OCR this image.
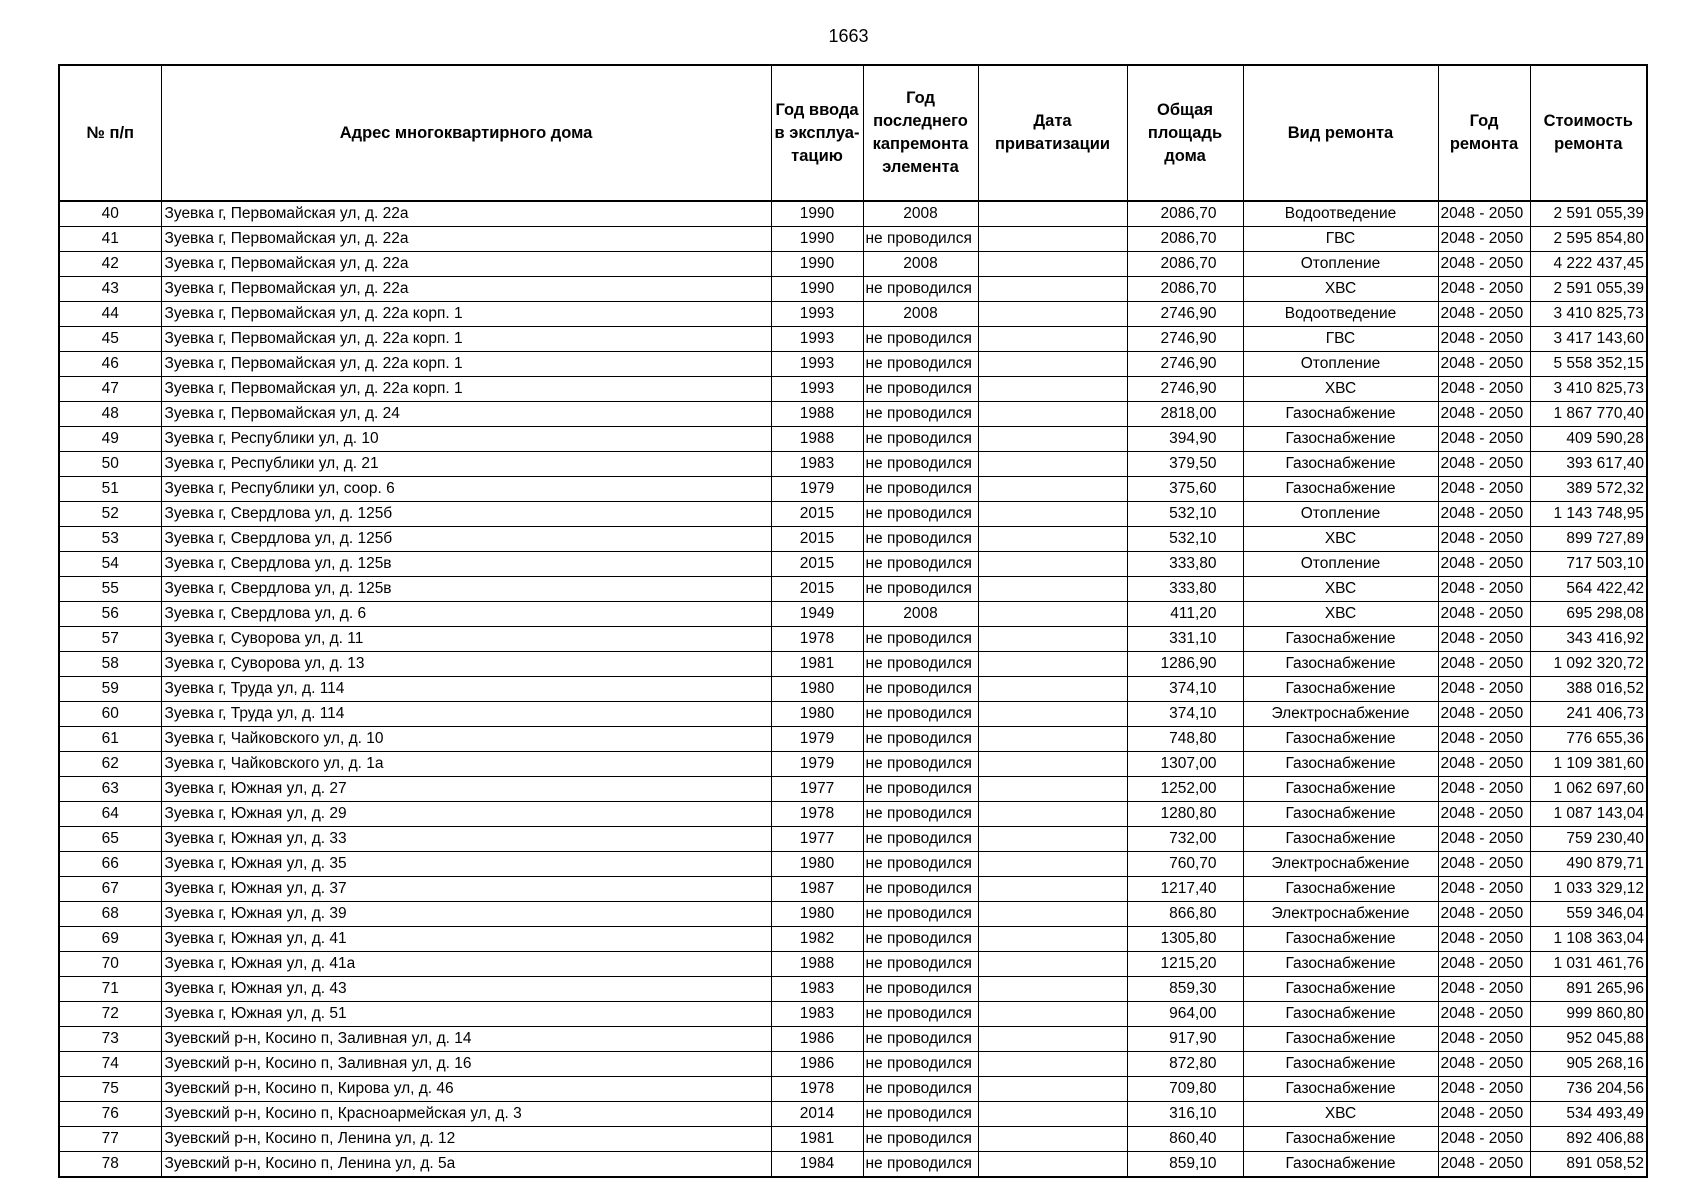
1663
№ п/п	Адрес многоквартирного дома	Год ввода в эксплуа-тацию	Год последнего капремонта элемента	Дата приватизации	Общая площадь дома	Вид ремонта	Год ремонта	Стоимость ремонта
40	Зуевка г, Первомайская ул, д. 22а	1990	2008		2086,70	Водоотведение	2048 - 2050	2 591 055,39
41	Зуевка г, Первомайская ул, д. 22а	1990	не проводился		2086,70	ГВС	2048 - 2050	2 595 854,80
42	Зуевка г, Первомайская ул, д. 22а	1990	2008		2086,70	Отопление	2048 - 2050	4 222 437,45
43	Зуевка г, Первомайская ул, д. 22а	1990	не проводился		2086,70	ХВС	2048 - 2050	2 591 055,39
44	Зуевка г, Первомайская ул, д. 22а корп. 1	1993	2008		2746,90	Водоотведение	2048 - 2050	3 410 825,73
45	Зуевка г, Первомайская ул, д. 22а корп. 1	1993	не проводился		2746,90	ГВС	2048 - 2050	3 417 143,60
46	Зуевка г, Первомайская ул, д. 22а корп. 1	1993	не проводился		2746,90	Отопление	2048 - 2050	5 558 352,15
47	Зуевка г, Первомайская ул, д. 22а корп. 1	1993	не проводился		2746,90	ХВС	2048 - 2050	3 410 825,73
48	Зуевка г, Первомайская ул, д. 24	1988	не проводился		2818,00	Газоснабжение	2048 - 2050	1 867 770,40
49	Зуевка г, Республики ул, д. 10	1988	не проводился		394,90	Газоснабжение	2048 - 2050	409 590,28
50	Зуевка г, Республики ул, д. 21	1983	не проводился		379,50	Газоснабжение	2048 - 2050	393 617,40
51	Зуевка г, Республики ул, соор. 6	1979	не проводился		375,60	Газоснабжение	2048 - 2050	389 572,32
52	Зуевка г, Свердлова ул, д. 125б	2015	не проводился		532,10	Отопление	2048 - 2050	1 143 748,95
53	Зуевка г, Свердлова ул, д. 125б	2015	не проводился		532,10	ХВС	2048 - 2050	899 727,89
54	Зуевка г, Свердлова ул, д. 125в	2015	не проводился		333,80	Отопление	2048 - 2050	717 503,10
55	Зуевка г, Свердлова ул, д. 125в	2015	не проводился		333,80	ХВС	2048 - 2050	564 422,42
56	Зуевка г, Свердлова ул, д. 6	1949	2008		411,20	ХВС	2048 - 2050	695 298,08
57	Зуевка г, Суворова ул, д. 11	1978	не проводился		331,10	Газоснабжение	2048 - 2050	343 416,92
58	Зуевка г, Суворова ул, д. 13	1981	не проводился		1286,90	Газоснабжение	2048 - 2050	1 092 320,72
59	Зуевка г, Труда ул, д. 114	1980	не проводился		374,10	Газоснабжение	2048 - 2050	388 016,52
60	Зуевка г, Труда ул, д. 114	1980	не проводился		374,10	Электроснабжение	2048 - 2050	241 406,73
61	Зуевка г, Чайковского ул, д. 10	1979	не проводился		748,80	Газоснабжение	2048 - 2050	776 655,36
62	Зуевка г, Чайковского ул, д. 1а	1979	не проводился		1307,00	Газоснабжение	2048 - 2050	1 109 381,60
63	Зуевка г, Южная ул, д. 27	1977	не проводился		1252,00	Газоснабжение	2048 - 2050	1 062 697,60
64	Зуевка г, Южная ул, д. 29	1978	не проводился		1280,80	Газоснабжение	2048 - 2050	1 087 143,04
65	Зуевка г, Южная ул, д. 33	1977	не проводился		732,00	Газоснабжение	2048 - 2050	759 230,40
66	Зуевка г, Южная ул, д. 35	1980	не проводился		760,70	Электроснабжение	2048 - 2050	490 879,71
67	Зуевка г, Южная ул, д. 37	1987	не проводился		1217,40	Газоснабжение	2048 - 2050	1 033 329,12
68	Зуевка г, Южная ул, д. 39	1980	не проводился		866,80	Электроснабжение	2048 - 2050	559 346,04
69	Зуевка г, Южная ул, д. 41	1982	не проводился		1305,80	Газоснабжение	2048 - 2050	1 108 363,04
70	Зуевка г, Южная ул, д. 41а	1988	не проводился		1215,20	Газоснабжение	2048 - 2050	1 031 461,76
71	Зуевка г, Южная ул, д. 43	1983	не проводился		859,30	Газоснабжение	2048 - 2050	891 265,96
72	Зуевка г, Южная ул, д. 51	1983	не проводился		964,00	Газоснабжение	2048 - 2050	999 860,80
73	Зуевский р-н, Косино п, Заливная ул, д. 14	1986	не проводился		917,90	Газоснабжение	2048 - 2050	952 045,88
74	Зуевский р-н, Косино п, Заливная ул, д. 16	1986	не проводился		872,80	Газоснабжение	2048 - 2050	905 268,16
75	Зуевский р-н, Косино п, Кирова ул, д. 46	1978	не проводился		709,80	Газоснабжение	2048 - 2050	736 204,56
76	Зуевский р-н, Косино п, Красноармейская ул, д. 3	2014	не проводился		316,10	ХВС	2048 - 2050	534 493,49
77	Зуевский р-н, Косино п, Ленина ул, д. 12	1981	не проводился		860,40	Газоснабжение	2048 - 2050	892 406,88
78	Зуевский р-н, Косино п, Ленина ул, д. 5а	1984	не проводился		859,10	Газоснабжение	2048 - 2050	891 058,52
